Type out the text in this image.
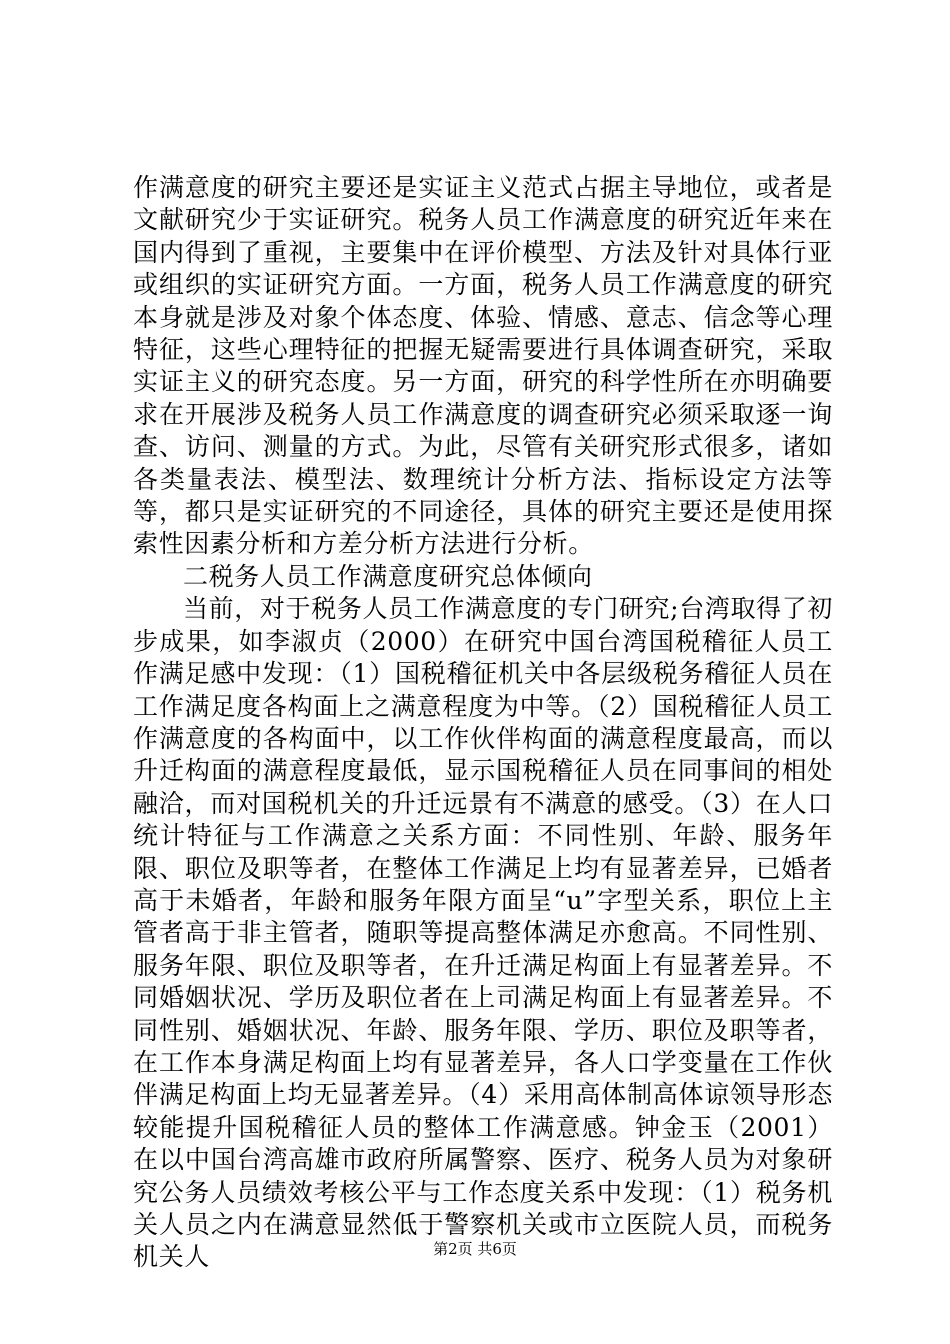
作满意度的研究主要还是实证主义范式占据主导地位，或者是文献研究少于实证研究。税务人员工作满意度的研究近年来在国内得到了重视，主要集中在评价模型、方法及针对具体行亚或组织的实证研究方面。一方面，税务人员工作满意度的研究本身就是涉及对象个体态度、体验、情感、意志、信念等心理特征，这些心理特征的把握无疑需要进行具体调查研究，采取实证主义的研究态度。另一方面，研究的科学性所在亦明确要求在开展涉及税务人员工作满意度的调查研究必须采取逐一询查、访问、测量的方式。为此，尽管有关研究形式很多，诸如各类量表法、模型法、数理统计分析方法、指标设定方法等等，都只是实证研究的不同途径，具体的研究主要还是使用探索性因素分析和方差分析方法进行分析。

二税务人员工作满意度研究总体倾向

当前，对于税务人员工作满意度的专门研究;台湾取得了初步成果，如李淑贞（2000）在研究中国台湾国税稽征人员工作满足感中发现：（1）国税稽征机关中各层级税务稽征人员在工作满足度各构面上之满意程度为中等。（2）国税稽征人员工作满意度的各构面中，以工作伙伴构面的满意程度最高，而以升迁构面的满意程度最低，显示国税稽征人员在同事间的相处融洽，而对国税机关的升迁远景有不满意的感受。（3）在人口统计特征与工作满意之关系方面：不同性别、年龄、服务年限、职位及职等者，在整体工作满足上均有显著差异，已婚者高于未婚者，年龄和服务年限方面呈“u”字型关系，职位上主管者高于非主管者，随职等提高整体满足亦愈高。不同性别、服务年限、职位及职等者，在升迁满足构面上有显著差异。不同婚姻状况、学历及职位者在上司满足构面上有显著差异。不同性别、婚姻状况、年龄、服务年限、学历、职位及职等者，在工作本身满足构面上均有显著差异，各人口学变量在工作伙伴满足构面上均无显著差异。（4）采用高体制高体谅领导形态较能提升国税稽征人员的整体工作满意感。钟金玉（2001）在以中国台湾高雄市政府所属警察、医疗、税务人员为对象研究公务人员绩效考核公平与工作态度关系中发现：（1）税务机关人员之内在满意显然低于警察机关或市立医院人员，而税务机关人	第2页 共6页
